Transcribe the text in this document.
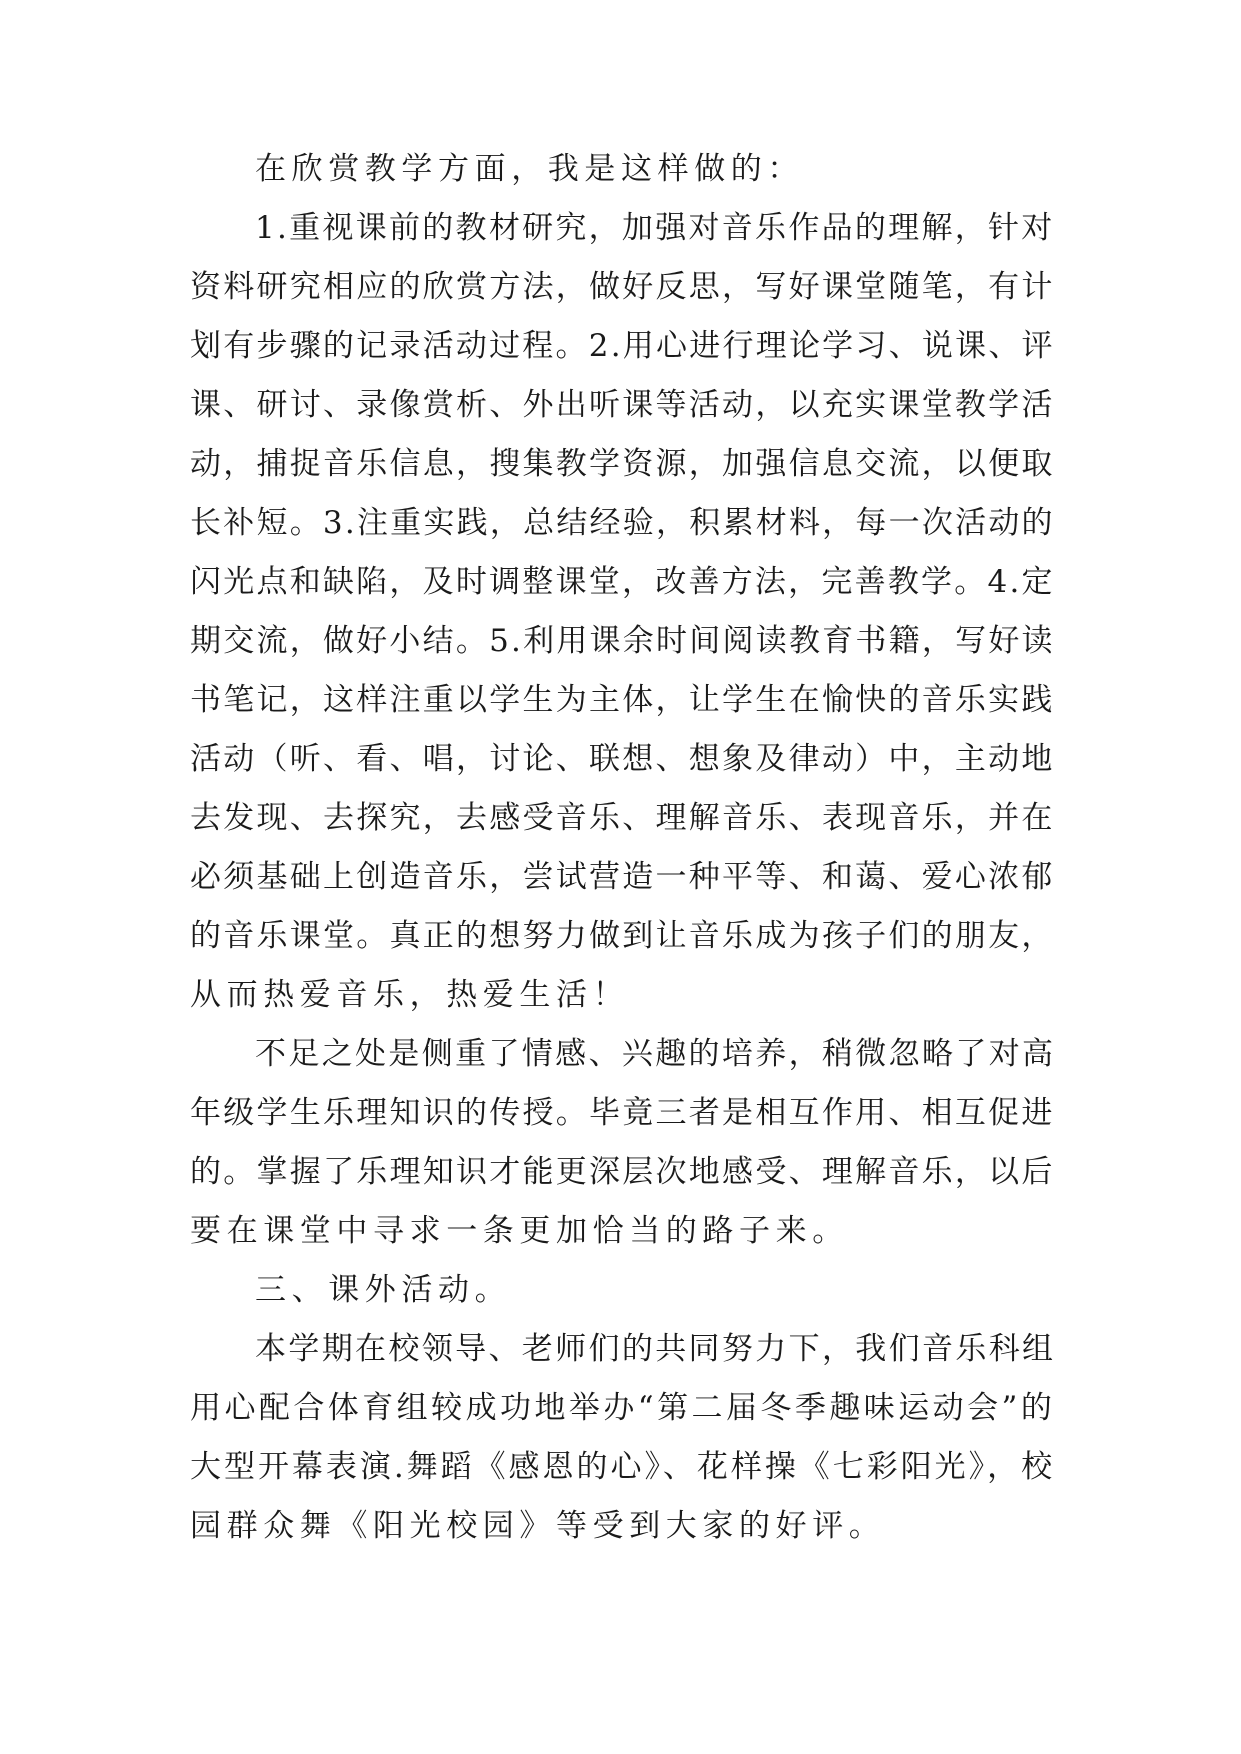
在欣赏教学方面，我是这样做的：
1.重视课前的教材研究，加强对音乐作品的理解，针对
资料研究相应的欣赏方法，做好反思，写好课堂随笔，有计
划有步骤的记录活动过程。2.用心进行理论学习、说课、评
课、研讨、录像赏析、外出听课等活动，以充实课堂教学活
动，捕捉音乐信息，搜集教学资源，加强信息交流，以便取
长补短。3.注重实践，总结经验，积累材料，每一次活动的
闪光点和缺陷，及时调整课堂，改善方法，完善教学。4.定
期交流，做好小结。5.利用课余时间阅读教育书籍，写好读
书笔记，这样注重以学生为主体，让学生在愉快的音乐实践
活动（听、看、唱，讨论、联想、想象及律动）中，主动地
去发现、去探究，去感受音乐、理解音乐、表现音乐，并在
必须基础上创造音乐，尝试营造一种平等、和蔼、爱心浓郁
的音乐课堂。真正的想努力做到让音乐成为孩子们的朋友，
从而热爱音乐，热爱生活！
不足之处是侧重了情感、兴趣的培养，稍微忽略了对高
年级学生乐理知识的传授。毕竟三者是相互作用、相互促进
的。掌握了乐理知识才能更深层次地感受、理解音乐，以后
要在课堂中寻求一条更加恰当的路子来。
三、课外活动。
本学期在校领导、老师们的共同努力下，我们音乐科组
用心配合体育组较成功地举办“第二届冬季趣味运动会”的
大型开幕表演.舞蹈《感恩的心》、花样操《七彩阳光》，校
园群众舞《阳光校园》等受到大家的好评。
